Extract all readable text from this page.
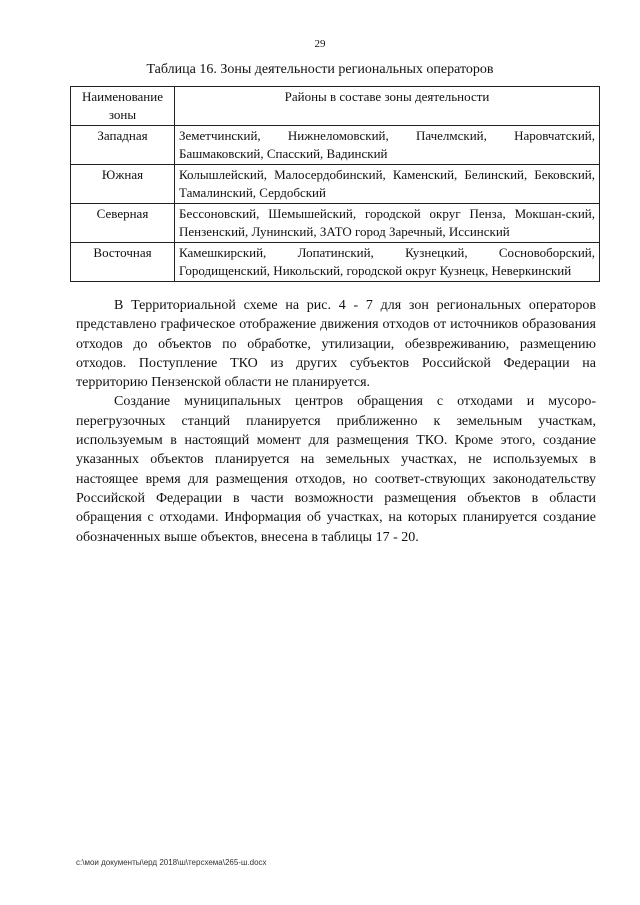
29
Таблица 16. Зоны деятельности региональных операторов
Наименование зоны	Районы в составе зоны деятельности
Западная	Земетчинский, Нижнеломовский, Пачелмский, Наровчатский, Башмаковский, Спасский, Вадинский
Южная	Колышлейский, Малосердобинский, Каменский, Белинский, Бековский, Тамалинский, Сердобский
Северная	Бессоновский, Шемышейский, городской округ Пенза, Мокшан-ский, Пензенский, Лунинский, ЗАТО город Заречный, Иссинский
Восточная	Камешкирский, Лопатинский, Кузнецкий, Сосновоборский, Городищенский, Никольский, городской округ Кузнецк, Неверкинский

В Территориальной схеме на рис. 4 - 7 для зон региональных операторов представлено графическое отображение движения отходов от источников образования отходов до объектов по обработке, утилизации, обезвреживанию, размещению отходов. Поступление ТКО из других субъектов Российской Федерации на территорию Пензенской области не планируется.

Создание муниципальных центров обращения с отходами и мусоро-перегрузочных станций планируется приближенно к земельным участкам, используемым в настоящий момент для размещения ТКО. Кроме этого, создание указанных объектов планируется на земельных участках, не используемых в настоящее время для размещения отходов, но соответ-ствующих законодательству Российской Федерации в части возможности размещения объектов в области обращения с отходами. Информация об участках, на которых планируется создание обозначенных выше объектов, внесена в таблицы 17 - 20.

c:\мои документы\ерд 2018\ш\терсхема\265-ш.docx
